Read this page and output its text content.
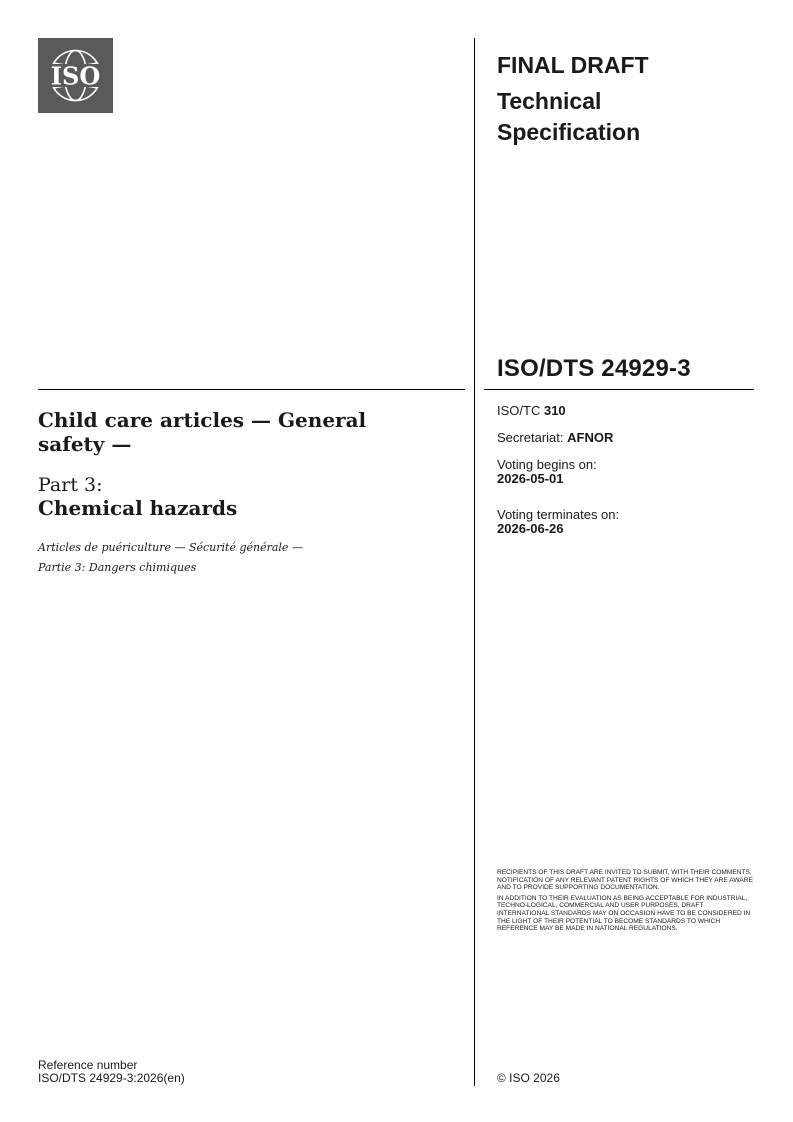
ISO	FINAL DRAFT
Technical Specification
ISO/DTS 24929-3
Child care articles — General safety —
Part 3:
Chemical hazards
Articles de puériculture — Sécurité générale —
Partie 3: Dangers chimiques
ISO/TC 310
Secretariat: AFNOR
Voting begins on:
2026-05-01
Voting terminates on:
2026-06-26

RECIPIENTS OF THIS DRAFT ARE INVITED TO SUBMIT, WITH THEIR COMMENTS, NOTIFICATION OF ANY RELEVANT PATENT RIGHTS OF WHICH THEY ARE AWARE AND TO PROVIDE SUPPORTING DOCUMENTATION.

IN ADDITION TO THEIR EVALUATION AS BEING ACCEPTABLE FOR INDUSTRIAL, TECHNO-LOGICAL, COMMERCIAL AND USER PURPOSES, DRAFT INTERNATIONAL STANDARDS MAY ON OCCASION HAVE TO BE CONSIDERED IN THE LIGHT OF THEIR POTENTIAL TO BECOME STANDARDS TO WHICH REFERENCE MAY BE MADE IN NATIONAL REGULATIONS.

Reference number
ISO/DTS 24929-3:2026(en)	© ISO 2026
